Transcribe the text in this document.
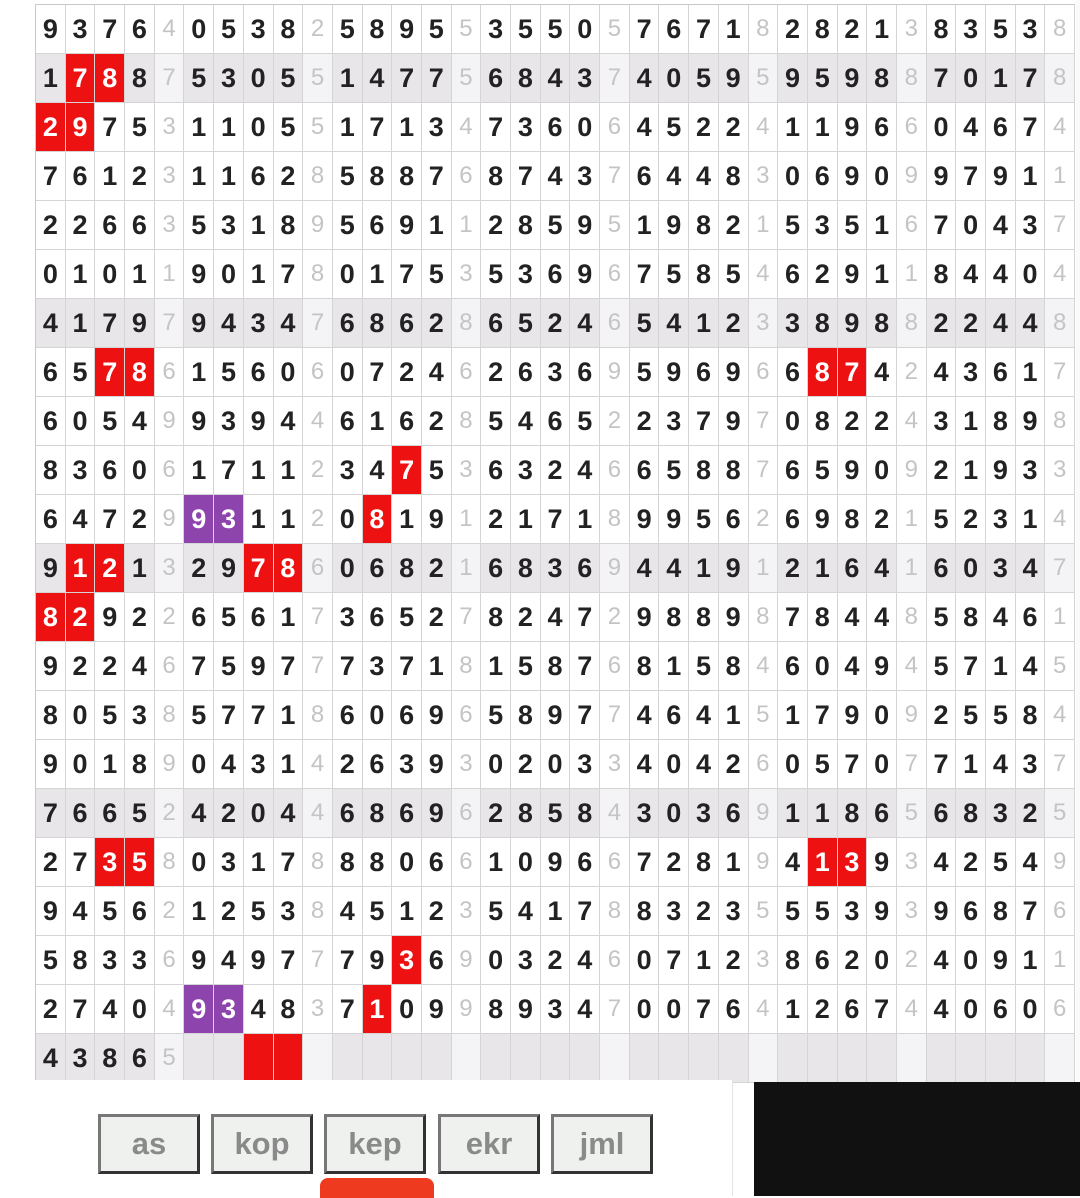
9 3 7 6 4 0 5 3 8 2 5 8 9 5 5 3 5 5 0 5 7 6 7 1 8 2 8 2 1 3 8 3 5 3 8
1 7 8 8 7 5 3 0 5 5 1 4 7 7 5 6 8 4 3 7 4 0 5 9 5 9 5 9 8 8 7 0 1 7 8
2 9 7 5 3 1 1 0 5 5 1 7 1 3 4 7 3 6 0 6 4 5 2 2 4 1 1 9 6 6 0 4 6 7 4
7 6 1 2 3 1 1 6 2 8 5 8 8 7 6 8 7 4 3 7 6 4 4 8 3 0 6 9 0 9 9 7 9 1 1
2 2 6 6 3 5 3 1 8 9 5 6 9 1 1 2 8 5 9 5 1 9 8 2 1 5 3 5 1 6 7 0 4 3 7
0 1 0 1 1 9 0 1 7 8 0 1 7 5 3 5 3 6 9 6 7 5 8 5 4 6 2 9 1 1 8 4 4 0 4
4 1 7 9 7 9 4 3 4 7 6 8 6 2 8 6 5 2 4 6 5 4 1 2 3 3 8 9 8 8 2 2 4 4 8
6 5 7 8 6 1 5 6 0 6 0 7 2 4 6 2 6 3 6 9 5 9 6 9 6 6 8 7 4 2 4 3 6 1 7
6 0 5 4 9 9 3 9 4 4 6 1 6 2 8 5 4 6 5 2 2 3 7 9 7 0 8 2 2 4 3 1 8 9 8
8 3 6 0 6 1 7 1 1 2 3 4 7 5 3 6 3 2 4 6 6 5 8 8 7 6 5 9 0 9 2 1 9 3 3
6 4 7 2 9 9 3 1 1 2 0 8 1 9 1 2 1 7 1 8 9 9 5 6 2 6 9 8 2 1 5 2 3 1 4
9 1 2 1 3 2 9 7 8 6 0 6 8 2 1 6 8 3 6 9 4 4 1 9 1 2 1 6 4 1 6 0 3 4 7
8 2 9 2 2 6 5 6 1 7 3 6 5 2 7 8 2 4 7 2 9 8 8 9 8 7 8 4 4 8 5 8 4 6 1
9 2 2 4 6 7 5 9 7 7 7 3 7 1 8 1 5 8 7 6 8 1 5 8 4 6 0 4 9 4 5 7 1 4 5
8 0 5 3 8 5 7 7 1 8 6 0 6 9 6 5 8 9 7 7 4 6 4 1 5 1 7 9 0 9 2 5 5 8 4
9 0 1 8 9 0 4 3 1 4 2 6 3 9 3 0 2 0 3 3 4 0 4 2 6 0 5 7 0 7 7 1 4 3 7
7 6 6 5 2 4 2 0 4 4 6 8 6 9 6 2 8 5 8 4 3 0 3 6 9 1 1 8 6 5 6 8 3 2 5
2 7 3 5 8 0 3 1 7 8 8 8 0 6 6 1 0 9 6 6 7 2 8 1 9 4 1 3 9 3 4 2 5 4 9
9 4 5 6 2 1 2 5 3 8 4 5 1 2 3 5 4 1 7 8 8 3 2 3 5 5 5 3 9 3 9 6 8 7 6
5 8 3 3 6 9 4 9 7 7 7 9 3 6 9 0 3 2 4 6 0 7 1 2 3 8 6 2 0 2 4 0 9 1 1
2 7 4 0 4 9 3 4 8 3 7 1 0 9 9 8 9 3 4 7 0 0 7 6 4 1 2 6 7 4 4 0 6 0 6
4 3 8 6 5
as	kop	kep	ekr	jml
